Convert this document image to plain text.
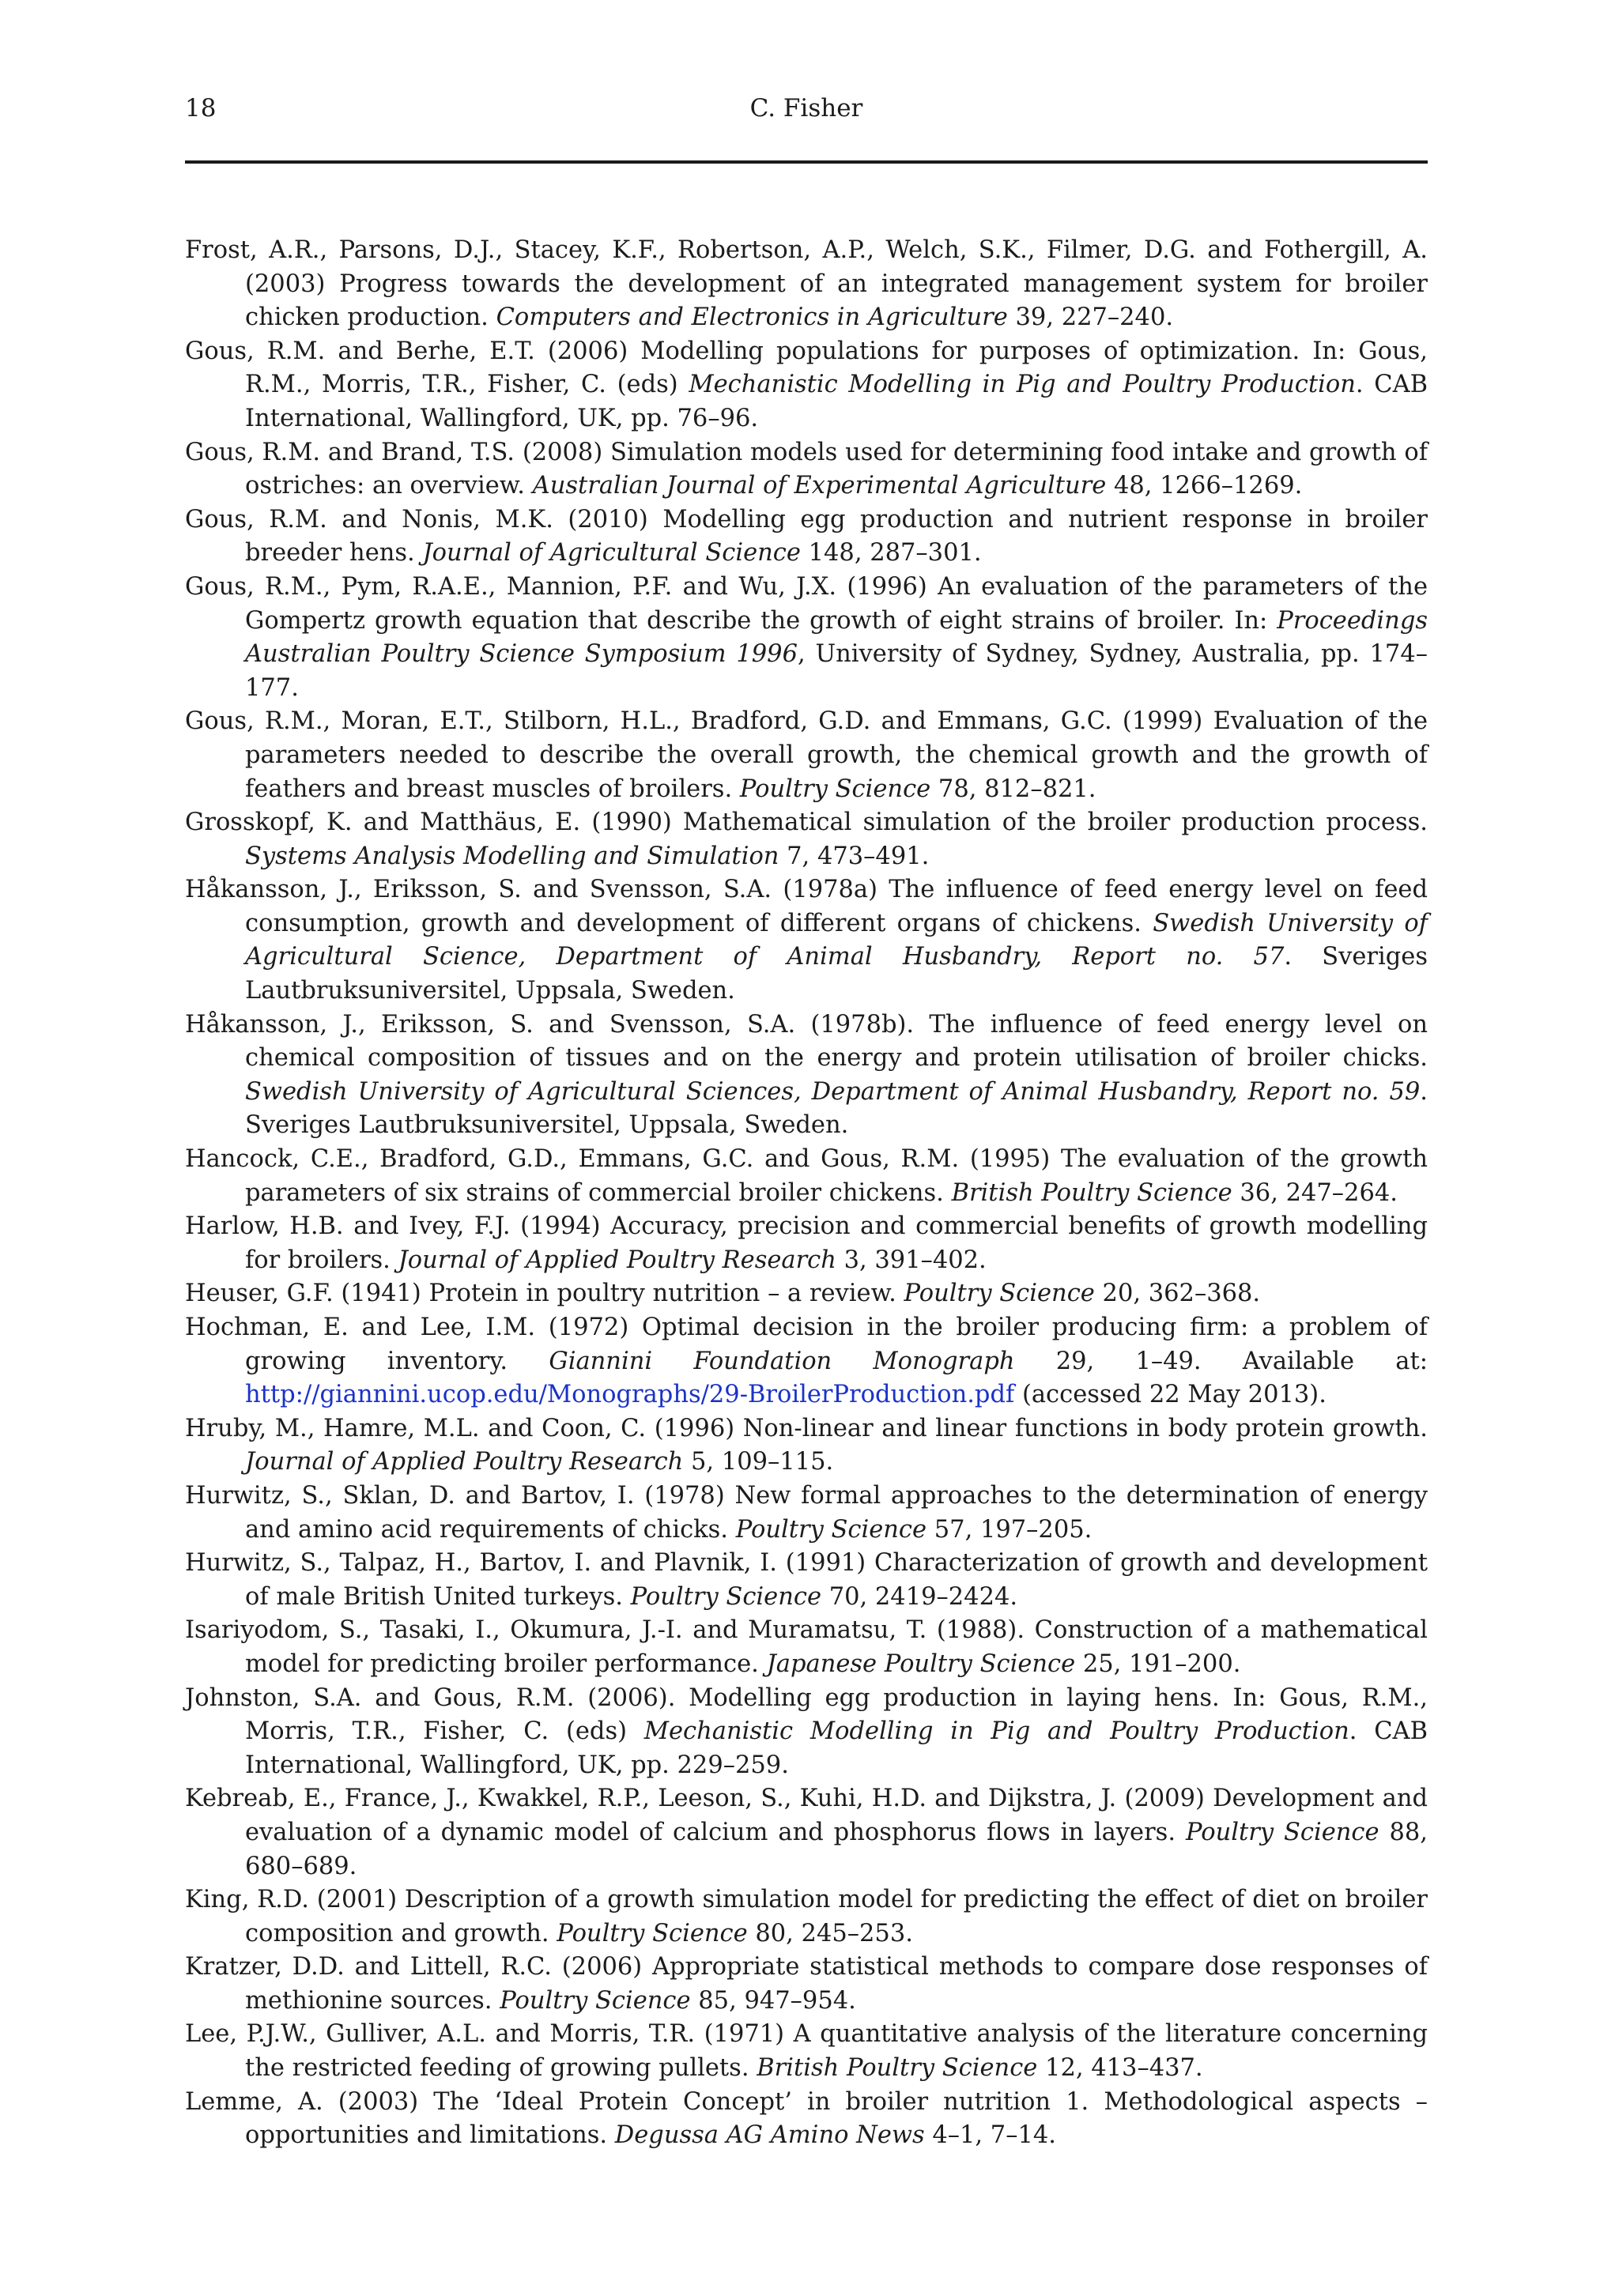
18	C. Fisher

Frost, A.R., Parsons, D.J., Stacey, K.F., Robertson, A.P., Welch, S.K., Filmer, D.G. and Fothergill, A. (2003) Progress towards the development of an integrated management system for broiler chicken production. Computers and Electronics in Agriculture 39, 227–240.

Gous, R.M. and Berhe, E.T. (2006) Modelling populations for purposes of optimization. In: Gous, R.M., Morris, T.R., Fisher, C. (eds) Mechanistic Modelling in Pig and Poultry Production. CAB International, Wallingford, UK, pp. 76–96.

Gous, R.M. and Brand, T.S. (2008) Simulation models used for determining food intake and growth of ostriches: an overview. Australian Journal of Experimental Agriculture 48, 1266–1269.

Gous, R.M. and Nonis, M.K. (2010) Modelling egg production and nutrient response in broiler breeder hens. Journal of Agricultural Science 148, 287–301.

Gous, R.M., Pym, R.A.E., Mannion, P.F. and Wu, J.X. (1996) An evaluation of the parameters of the Gompertz growth equation that describe the growth of eight strains of broiler. In: Proceedings Australian Poultry Science Symposium 1996, University of Sydney, Sydney, Australia, pp. 174–177.

Gous, R.M., Moran, E.T., Stilborn, H.L., Bradford, G.D. and Emmans, G.C. (1999) Evaluation of the parameters needed to describe the overall growth, the chemical growth and the growth of feathers and breast muscles of broilers. Poultry Science 78, 812–821.

Grosskopf, K. and Matthäus, E. (1990) Mathematical simulation of the broiler production process. Systems Analysis Modelling and Simulation 7, 473–491.

Håkansson, J., Eriksson, S. and Svensson, S.A. (1978a) The influence of feed energy level on feed consumption, growth and development of different organs of chickens. Swedish University of Agricultural Science, Department of Animal Husbandry, Report no. 57. Sveriges Lautbruksuniversitel, Uppsala, Sweden.

Håkansson, J., Eriksson, S. and Svensson, S.A. (1978b). The influence of feed energy level on chemical composition of tissues and on the energy and protein utilisation of broiler chicks. Swedish University of Agricultural Sciences, Department of Animal Husbandry, Report no. 59. Sveriges Lautbruksuniversitel, Uppsala, Sweden.

Hancock, C.E., Bradford, G.D., Emmans, G.C. and Gous, R.M. (1995) The evaluation of the growth parameters of six strains of commercial broiler chickens. British Poultry Science 36, 247–264.

Harlow, H.B. and Ivey, F.J. (1994) Accuracy, precision and commercial benefits of growth modelling for broilers. Journal of Applied Poultry Research 3, 391–402.

Heuser, G.F. (1941) Protein in poultry nutrition – a review. Poultry Science 20, 362–368.

Hochman, E. and Lee, I.M. (1972) Optimal decision in the broiler producing firm: a problem of growing inventory. Giannini Foundation Monograph 29, 1–49. Available at: http://giannini.ucop.edu/Monographs/29-BroilerProduction.pdf (accessed 22 May 2013).

Hruby, M., Hamre, M.L. and Coon, C. (1996) Non-linear and linear functions in body protein growth. Journal of Applied Poultry Research 5, 109–115.

Hurwitz, S., Sklan, D. and Bartov, I. (1978) New formal approaches to the determination of energy and amino acid requirements of chicks. Poultry Science 57, 197–205.

Hurwitz, S., Talpaz, H., Bartov, I. and Plavnik, I. (1991) Characterization of growth and development of male British United turkeys. Poultry Science 70, 2419–2424.

Isariyodom, S., Tasaki, I., Okumura, J.-I. and Muramatsu, T. (1988). Construction of a mathematical model for predicting broiler performance. Japanese Poultry Science 25, 191–200.

Johnston, S.A. and Gous, R.M. (2006). Modelling egg production in laying hens. In: Gous, R.M., Morris, T.R., Fisher, C. (eds) Mechanistic Modelling in Pig and Poultry Production. CAB International, Wallingford, UK, pp. 229–259.

Kebreab, E., France, J., Kwakkel, R.P., Leeson, S., Kuhi, H.D. and Dijkstra, J. (2009) Development and evaluation of a dynamic model of calcium and phosphorus flows in layers. Poultry Science 88, 680–689.

King, R.D. (2001) Description of a growth simulation model for predicting the effect of diet on broiler composition and growth. Poultry Science 80, 245–253.

Kratzer, D.D. and Littell, R.C. (2006) Appropriate statistical methods to compare dose responses of methionine sources. Poultry Science 85, 947–954.

Lee, P.J.W., Gulliver, A.L. and Morris, T.R. (1971) A quantitative analysis of the literature concerning the restricted feeding of growing pullets. British Poultry Science 12, 413–437.

Lemme, A. (2003) The ‘Ideal Protein Concept’ in broiler nutrition 1. Methodological aspects – opportunities and limitations. Degussa AG Amino News 4–1, 7–14.
